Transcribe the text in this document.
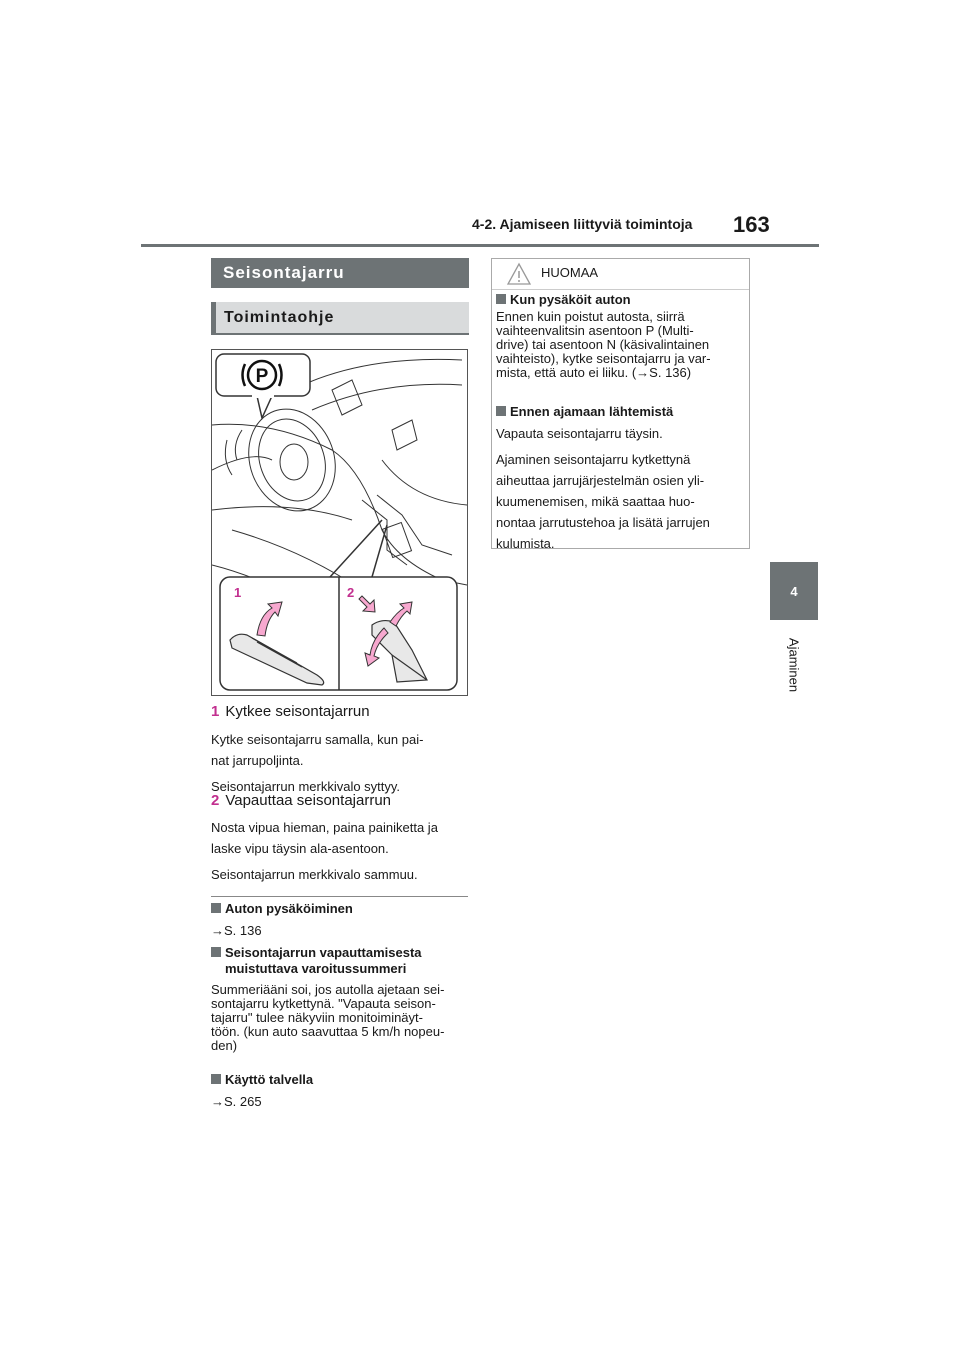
4-2. Ajamiseen liittyviä toimintoja 163
4
Ajaminen
Seisontajarru
Toimintaohje
P
1	2
1 Kytkee seisontajarrun
Kytke seisontajarru samalla, kun pai-
nat jarrupoljinta.
Seisontajarrun merkkivalo syttyy.
2 Vapauttaa seisontajarrun
Nosta vipua hieman, paina painiketta ja
laske vipu täysin ala-asentoon.
Seisontajarrun merkkivalo sammuu.
Auton pysäköiminen
→S. 136
Seisontajarrun vapauttamisesta
muistuttava varoitussummeri
Summeriääni soi, jos autolla ajetaan sei-
sontajarru kytkettynä. "Vapauta seison-
tajarru" tulee näkyviin monitoiminäyt-
töön. (kun auto saavuttaa 5 km/h nopeu-
den)
Käyttö talvella
→S. 265
HUOMAA
Kun pysäköit auton
Ennen kuin poistut autosta, siirrä
vaihteenvalitsin asentoon P (Multi-
drive) tai asentoon N (käsivalintainen
vaihteisto), kytke seisontajarru ja var-
mista, että auto ei liiku. (→S. 136)
Ennen ajamaan lähtemistä
Vapauta seisontajarru täysin.
Ajaminen seisontajarru kytkettynä
aiheuttaa jarrujärjestelmän osien yli-
kuumenemisen, mikä saattaa huo-
nontaa jarrutustehoa ja lisätä jarrujen
kulumista.
